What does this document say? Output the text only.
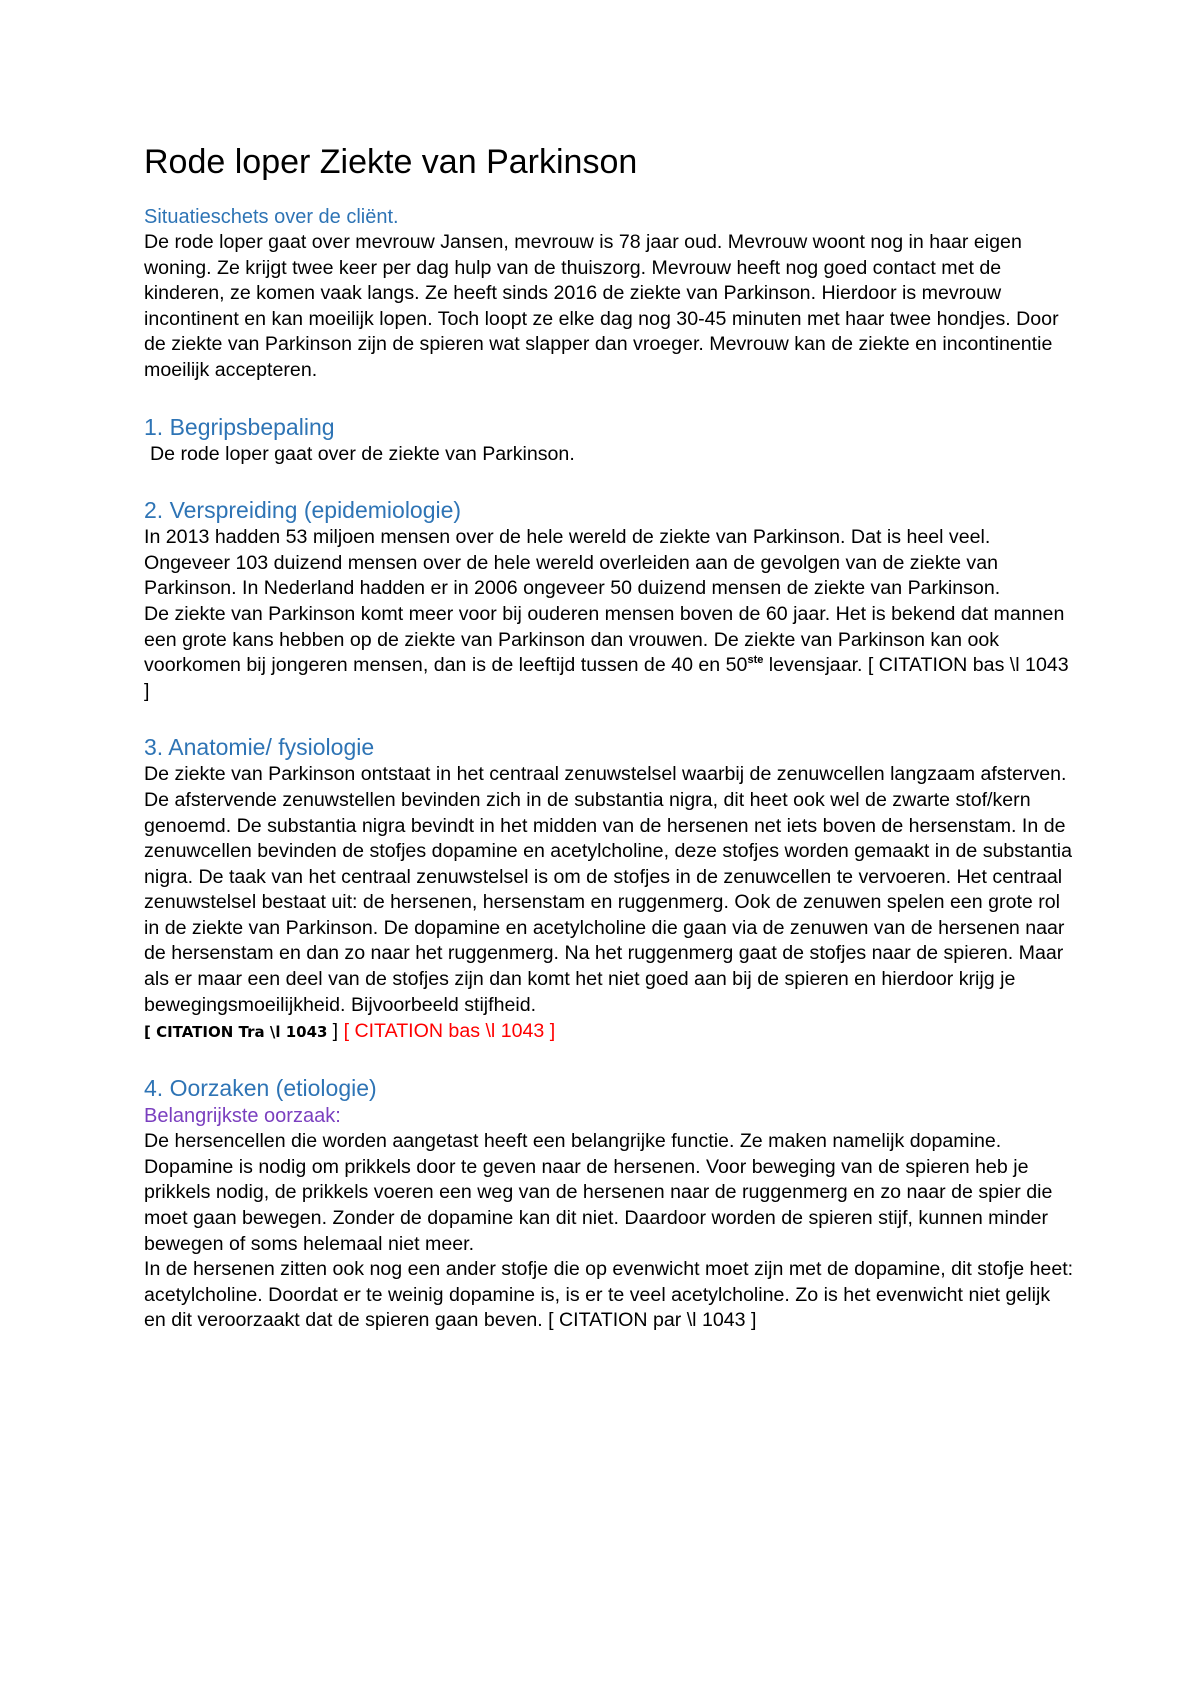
Rode loper Ziekte van Parkinson

Situatieschets over de cliënt.

De rode loper gaat over mevrouw Jansen, mevrouw is 78 jaar oud. Mevrouw woont nog in haar eigen woning. Ze krijgt twee keer per dag hulp van de thuiszorg. Mevrouw heeft nog goed contact met de kinderen, ze komen vaak langs. Ze heeft sinds 2016 de ziekte van Parkinson. Hierdoor is mevrouw incontinent en kan moeilijk lopen. Toch loopt ze elke dag nog 30-45 minuten met haar twee hondjes. Door de ziekte van Parkinson zijn de spieren wat slapper dan vroeger. Mevrouw kan de ziekte en incontinentie moeilijk accepteren.

1. Begripsbepaling

De rode loper gaat over de ziekte van Parkinson.

2. Verspreiding (epidemiologie)

In 2013 hadden 53 miljoen mensen over de hele wereld de ziekte van Parkinson. Dat is heel veel. Ongeveer 103 duizend mensen over de hele wereld overleiden aan de gevolgen van de ziekte van Parkinson. In Nederland hadden er in 2006 ongeveer 50 duizend mensen de ziekte van Parkinson.

De ziekte van Parkinson komt meer voor bij ouderen mensen boven de 60 jaar. Het is bekend dat mannen een grote kans hebben op de ziekte van Parkinson dan vrouwen. De ziekte van Parkinson kan ook voorkomen bij jongeren mensen, dan is de leeftijd tussen de 40 en 50ste levensjaar. [ CITATION bas \l 1043 ]

3. Anatomie/ fysiologie

De ziekte van Parkinson ontstaat in het centraal zenuwstelsel waarbij de zenuwcellen langzaam afsterven. De afstervende zenuwstellen bevinden zich in de substantia nigra, dit heet ook wel de zwarte stof/kern genoemd. De substantia nigra bevindt in het midden van de hersenen net iets boven de hersenstam. In de zenuwcellen bevinden de stofjes dopamine en acetylcholine, deze stofjes worden gemaakt in de substantia nigra. De taak van het centraal zenuwstelsel is om de stofjes in de zenuwcellen te vervoeren. Het centraal zenuwstelsel bestaat uit: de hersenen, hersenstam en ruggenmerg. Ook de zenuwen spelen een grote rol in de ziekte van Parkinson. De dopamine en acetylcholine die gaan via de zenuwen van de hersenen naar de hersenstam en dan zo naar het ruggenmerg. Na het ruggenmerg gaat de stofjes naar de spieren. Maar als er maar een deel van de stofjes zijn dan komt het niet goed aan bij de spieren en hierdoor krijg je bewegingsmoeilijkheid. Bijvoorbeeld stijfheid.

[ CITATION Tra \l 1043 ] [ CITATION bas \l 1043 ]

4. Oorzaken (etiologie)

Belangrijkste oorzaak:

De hersencellen die worden aangetast heeft een belangrijke functie. Ze maken namelijk dopamine. Dopamine is nodig om prikkels door te geven naar de hersenen. Voor beweging van de spieren heb je prikkels nodig, de prikkels voeren een weg van de hersenen naar de ruggenmerg en zo naar de spier die moet gaan bewegen. Zonder de dopamine kan dit niet. Daardoor worden de spieren stijf, kunnen minder bewegen of soms helemaal niet meer.

In de hersenen zitten ook nog een ander stofje die op evenwicht moet zijn met de dopamine, dit stofje heet: acetylcholine. Doordat er te weinig dopamine is, is er te veel acetylcholine. Zo is het evenwicht niet gelijk en dit veroorzaakt dat de spieren gaan beven. [ CITATION par \l 1043 ]
